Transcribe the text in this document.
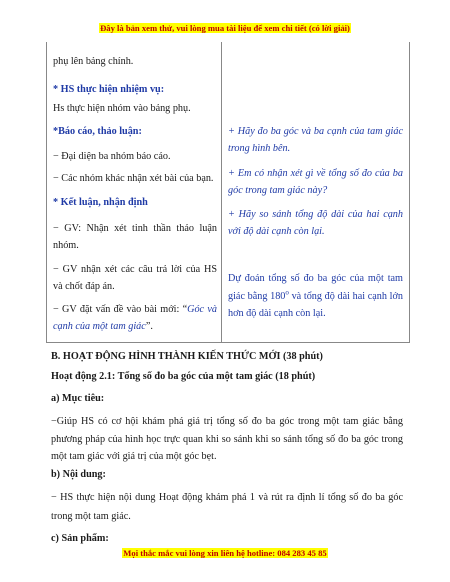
Đây là bản xem thử, vui lòng mua tài liệu để xem chi tiết (có lời giải)
phụ lên bảng chính.
* HS thực hiện nhiệm vụ:
Hs thực hiện nhóm vào bảng phụ.
*Báo cáo, thảo luận:
− Đại diện ba nhóm báo cáo.
− Các nhóm khác nhận xét bài của bạn.
* Kết luận, nhận định
− GV: Nhận xét tinh thần thảo luận nhóm.
− GV nhận xét các câu trả lời của HS và chốt đáp án.
− GV đặt vấn đề vào bài mới: “Góc và cạnh của một tam giác”.
+ Hãy đo ba góc và ba cạnh của tam giác trong hình bên.
+ Em có nhận xét gì về tổng số đo của ba góc trong tam giác này?
+ Hãy so sánh tổng độ dài của hai cạnh với độ dài cạnh còn lại.
Dự đoán tổng số đo ba góc của một tam giác bằng 180$^o$ và tổng độ dài hai cạnh lớn hơn độ dài cạnh còn lại.
B. HOẠT ĐỘNG HÌNH THÀNH KIẾN THỨC MỚI (38 phút)
Hoạt động 2.1: Tổng số đo ba góc của một tam giác (18 phút)
a) Mục tiêu:
−Giúp HS có cơ hội khám phá giá trị tổng số đo ba góc trong một tam giác bằng phương pháp của hình học trực quan khi so sánh khi so sánh tổng số đo ba góc trong một tam giác với giá trị của một góc bẹt.
b) Nội dung:
− HS thực hiện nội dung Hoạt động khám phá 1 và rút ra định lí tổng số đo ba góc trong một tam giác.
c) Sản phẩm:
Mọi thắc mắc vui lòng xin liên hệ hotline: 084 283 45 85
